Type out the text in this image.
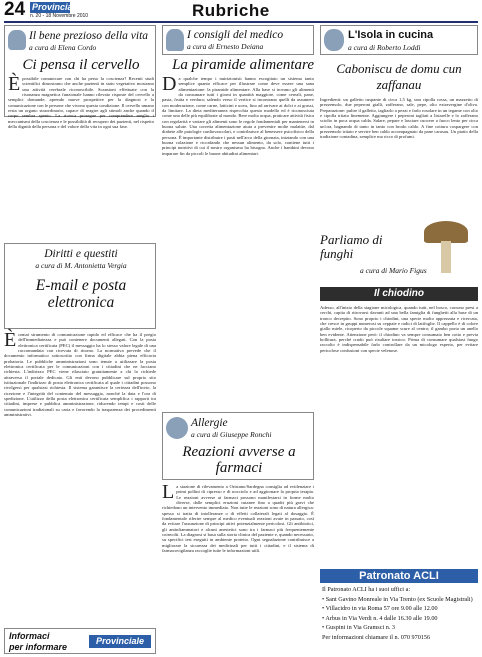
24 Provinciale
n. 20 - 18 Novembre 2010	Rubriche
Il bene prezioso della vita
a cura di Elena Cordo
Ci pensa il cervello
È possibile comunicare con chi ha perso la coscienza? Recenti studi scientifici dimostrano che anche pazienti in stato vegetativo mostrano una attività cerebrale riconoscibile. Scansioni effettuate con la risonanza magnetica funzionale hanno rilevato risposte del cervello a semplici domande, aprendo nuove prospettive per la diagnosi e la comunicazione con le persone che vivono questa condizione. Il cervello umano resta un organo straordinario, capace di reagire agli stimoli anche quando il corpo sembra spento. La ricerca prosegue per comprendere meglio i meccanismi della coscienza e le possibilità di recupero dei pazienti, nel rispetto della dignità della persona e del valore della vita in ogni sua fase.
Diritti e questiti
a cura di M. Antonietta Vergia
E-mail e posta elettronica
È ormai strumento di comunicazione rapido ed efficace che ha il pregio dell'immediatezza e può contenere documenti allegati. Con la posta elettronica certificata (PEC) il messaggio ha lo stesso valore legale di una raccomandata con ricevuta di ritorno. La normativa prevede che il documento informatico sottoscritto con firma digitale abbia piena efficacia probatoria. Le pubbliche amministrazioni sono tenute a utilizzare la posta elettronica certificata per le comunicazioni con i cittadini che ne facciano richiesta. L'indirizzo PEC viene rilasciato gratuitamente a chi lo richiede attraverso il portale dedicato. Gli enti devono pubblicare sul proprio sito istituzionale l'indirizzo di posta elettronica certificata al quale i cittadini possono rivolgersi per qualsiasi richiesta. Il sistema garantisce la certezza dell'invio, la ricezione e l'integrità del contenuto del messaggio, nonché la data e l'ora di spedizione. L'utilizzo della posta elettronica certificata semplifica i rapporti tra cittadini, imprese e pubblica amministrazione, riducendo tempi e costi delle comunicazioni tradizionali su carta e favorendo la trasparenza dei procedimenti amministrativi.
Informaci
per informare
Provinciale
I consigli del medico
a cura di Ernesto Deiana
La piramide alimentare
D a qualche tempo i nutrizionisti hanno escogitato un sistema tanto semplice quanto efficace per illustrare come deve essere una sana alimentazione: la piramide alimentare. Alla base si trovano gli alimenti da consumare tutti i giorni in quantità maggiore, come cereali, pane, pasta, frutta e verdura; salendo verso il vertice si incontrano quelli da assumere con moderazione, come carne, latticini e uova, fino ad arrivare ai dolci e ai grassi, da limitare. La dieta mediterranea rispecchia questo modello ed è riconosciuta come una delle più equilibrate al mondo. Bere molta acqua, praticare attività fisica con regolarità e variare gli alimenti sono le regole fondamentali per mantenersi in buona salute. Una corretta alimentazione aiuta a prevenire molte malattie, dal diabete alle patologie cardiovascolari, e contribuisce al benessere psicofisico della persona. È importante distribuire i pasti nell'arco della giornata, iniziando con una buona colazione e ricordando che nessun alimento, da solo, contiene tutti i principi nutritivi di cui il nostro organismo ha bisogno. Anche i bambini devono imparare fin da piccoli le buone abitudini alimentari.
Allergie
a cura di Giuseppe Ronchi
Reazioni avverse a farmaci
L a stazione di rilevamento a Oristano/Sardegna consiglia ad evidenziare i primi pollini di cipresso e di nocciolo e ad aggiornare la propria terapia. Le reazioni avverse ai farmaci possono manifestarsi in forme molto diverse, dalle semplici eruzioni cutanee fino a quadri più gravi che richiedono un intervento immediato. Non tutte le reazioni sono di natura allergica: spesso si tratta di intolleranze o di effetti collaterali legati al dosaggio. È fondamentale riferire sempre al medico eventuali reazioni avute in passato, così da evitare l'assunzione di principi attivi potenzialmente pericolosi. Gli antibiotici, gli antinfiammatori e alcuni anestetici sono tra i farmaci più frequentemente coinvolti. La diagnosi si basa sulla storia clinica del paziente e, quando necessario, su specifici test eseguiti in ambiente protetto. Ogni segnalazione contribuisce a migliorare la sicurezza dei medicinali per tutti i cittadini, e il sistema di farmacovigilanza raccoglie tutte le informazioni utili.
L'Isola in cucina
a cura di Roberto Loddi
Caboniscu de domu cun zaffanau
Ingredienti: un galletto ruspante di circa 1,5 kg, una cipolla rossa, un mazzetto di prezzemolo, due peperoni gialli, zafferano, sale, pepe, olio extravergine d'oliva. Preparazione: pulire il galletto, tagliarlo a pezzi e farlo rosolare in un tegame con olio e cipolla tritata finemente. Aggiungere i peperoni tagliati a listarelle e lo zafferano sciolto in poca acqua calda. Salare, pepare e lasciare cuocere a fuoco lento per circa un'ora, bagnando di tanto in tanto con brodo caldo. A fine cottura cospargere con prezzemolo tritato e servire ben caldo accompagnato da pane carasau. Un piatto della tradizione contadina, semplice ma ricco di profumi.
Parliamo di funghi
a cura di Mario Figus
Il chiodino
Adesso, all'inizio della stagione micologica, quando tutti, nel bosco, corrono presi a cerchi, capita di ritrovarsi davanti ad una bella famiglia di funghetti alla base di un tronco decrepito. Sono proprio i chiodini, una specie molto apprezzata e ricercata, che cresce in gruppi numerosi su ceppaie e radici di latifoglie. Il cappello è di colore giallo miele, ricoperto da piccole squame scure al centro; il gambo porta un anello ben evidente. Attenzione però: il chiodino va sempre consumato ben cotto e previa bollitura, perché crudo può risultare tossico. Prima di consumare qualsiasi fungo raccolto è indispensabile farlo controllare da un micologo esperto, per evitare pericolose confusioni con specie velenose.
Patronato ACLI
Il Patronato ACLI ha i suoi uffici a:
• Sant Gavino Monreale in Via Trento (ex Scuole Magistrali)
• Villacidro in via Roma 57 ore 9.00 alle 12.00
• Arbus in Via Verdi n. 4 dalle 16.30 alle 19.00
• Guspini in Via Gramsci n. 3
Per informazioni chiamare il n. 070 970156
